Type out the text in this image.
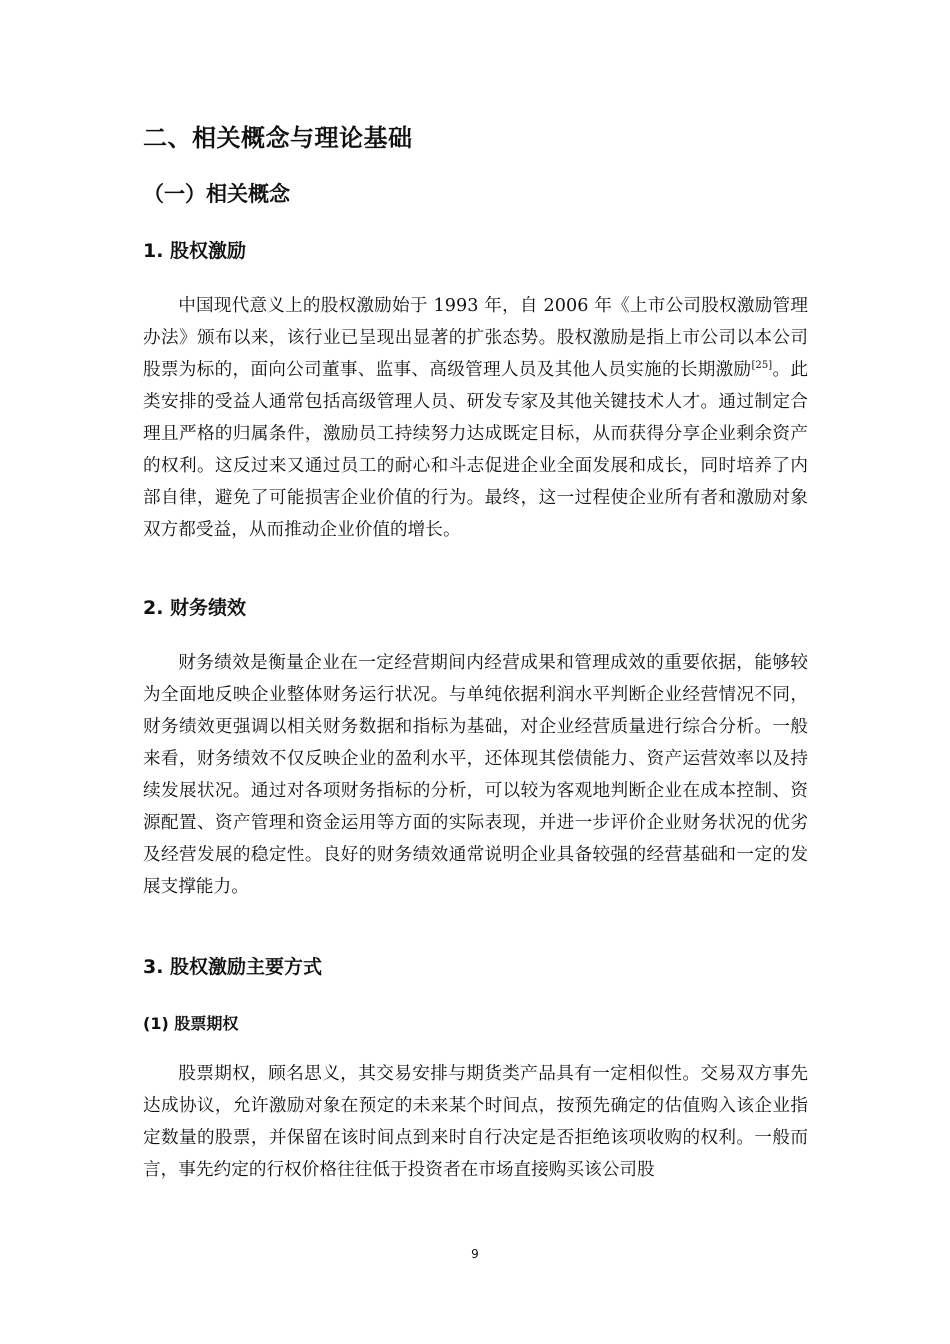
二、相关概念与理论基础
（一）相关概念
1. 股权激励

中国现代意义上的股权激励始于 1993 年，自 2006 年《上市公司股权激励管理办法》颁布以来，该行业已呈现出显著的扩张态势。股权激励是指上市公司以本公司股票为标的，面向公司董事、监事、高级管理人员及其他人员实施的长期激励[25]。此类安排的受益人通常包括高级管理人员、研发专家及其他关键技术人才。通过制定合理且严格的归属条件，激励员工持续努力达成既定目标，从而获得分享企业剩余资产的权利。这反过来又通过员工的耐心和斗志促进企业全面发展和成长，同时培养了内部自律，避免了可能损害企业价值的行为。最终，这一过程使企业所有者和激励对象双方都受益，从而推动企业价值的增长。

2. 财务绩效

财务绩效是衡量企业在一定经营期间内经营成果和管理成效的重要依据，能够较为全面地反映企业整体财务运行状况。与单纯依据利润水平判断企业经营情况不同，财务绩效更强调以相关财务数据和指标为基础，对企业经营质量进行综合分析。一般来看，财务绩效不仅反映企业的盈利水平，还体现其偿债能力、资产运营效率以及持续发展状况。通过对各项财务指标的分析，可以较为客观地判断企业在成本控制、资源配置、资产管理和资金运用等方面的实际表现，并进一步评价企业财务状况的优劣及经营发展的稳定性。良好的财务绩效通常说明企业具备较强的经营基础和一定的发展支撑能力。

3. 股权激励主要方式
(1) 股票期权

股票期权，顾名思义，其交易安排与期货类产品具有一定相似性。交易双方事先达成协议，允许激励对象在预定的未来某个时间点，按预先确定的估值购入该企业指定数量的股票，并保留在该时间点到来时自行决定是否拒绝该项收购的权利。一般而言，事先约定的行权价格往往低于投资者在市场直接购买该公司股

9
